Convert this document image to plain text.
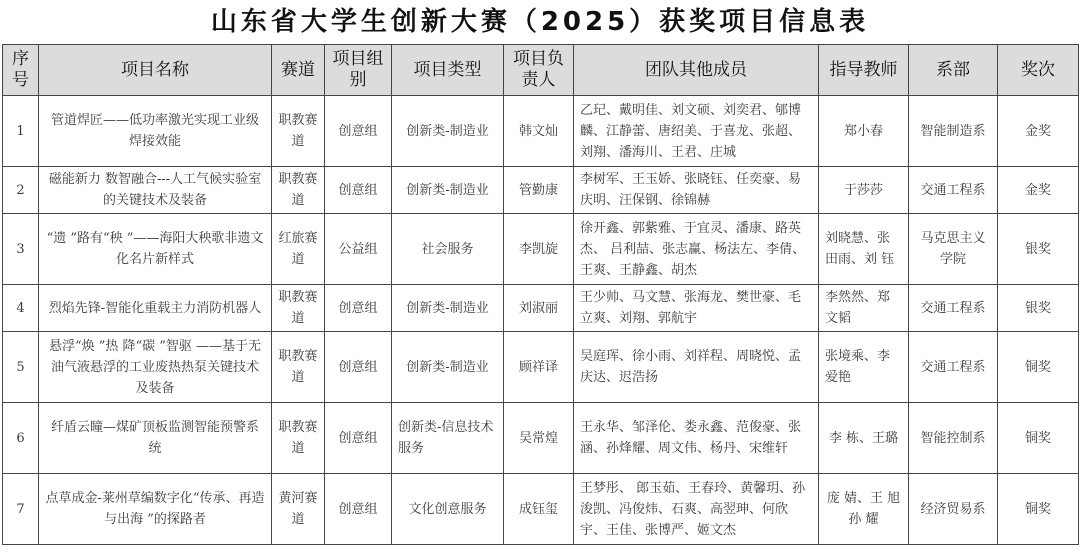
山东省大学生创新大赛（2025）获奖项目信息表
序号	项目名称	赛道	项目组别	项目类型	项目负责人	团队其他成员	指导教师	系部	奖次
1	管道焊匠——低功率激光实现工业级焊接效能	职教赛道	创意组	创新类-制造业	韩文灿	乙玘、戴明佳、刘文硕、刘奕君、郇博麟、江静蕾、唐绍美、于喜龙、张超、刘翔、潘海川、王君、庄城	郑小春	智能制造系	金奖
2	磁能新力 数智融合---人工气候实验室的关键技术及装备	职教赛道	创意组	创新类-制造业	管勤康	李树军、王玉娇、张晓钰、任奕豪、易庆明、汪保钢、徐锦赫	于莎莎	交通工程系	金奖
3	“遗 ”路有“秧 ”——海阳大秧歌非遗文化名片新样式	红旅赛道	公益组	社会服务	李凯旋	徐开鑫、郭紫雅、于宜灵、潘康、路英杰、 吕利喆、张志赢、杨法左、李倩、王爽、王静鑫、胡杰	刘晓慧、张田雨、刘 钰	马克思主义学院	银奖
4	烈焰先锋-智能化重载主力消防机器人	职教赛道	创意组	创新类-制造业	刘淑丽	王少帅、马文慧、张海龙、樊世豪、毛立爽、刘翔、郭航宇	李然然、郑文韬	交通工程系	银奖
5	悬浮“焕 ”热 降“碳 ”智驱 ——基于无油气液悬浮的工业废热热泵关键技术及装备	职教赛道	创意组	创新类-制造业	顾祥译	吴庭珲、徐小雨、刘祥程、周晓悦、孟庆达、迟浩扬	张境乘、李爱艳	交通工程系	铜奖
6	纤盾云瞳—煤矿顶板监测智能预警系统	职教赛道	创意组	创新类-信息技术服务	吴常煌	王永华、邹泽伦、娄永鑫、范俊豪、张涵、孙烽耀、周文伟、杨丹、宋维轩	李 栋、王璐	智能控制系	铜奖
7	点草成金-莱州草编数字化“传承、再造与出海 ”的探路者	黄河赛道	创意组	文化创意服务	成钰玺	王梦彤、 郎玉茹、王春玲、黄馨玥、孙浚凯、冯俊炜、石爽、高翌珅、何欣宇、王佳、张博严、姬文杰	庞 婧、王 旭 孙 耀	经济贸易系	铜奖
